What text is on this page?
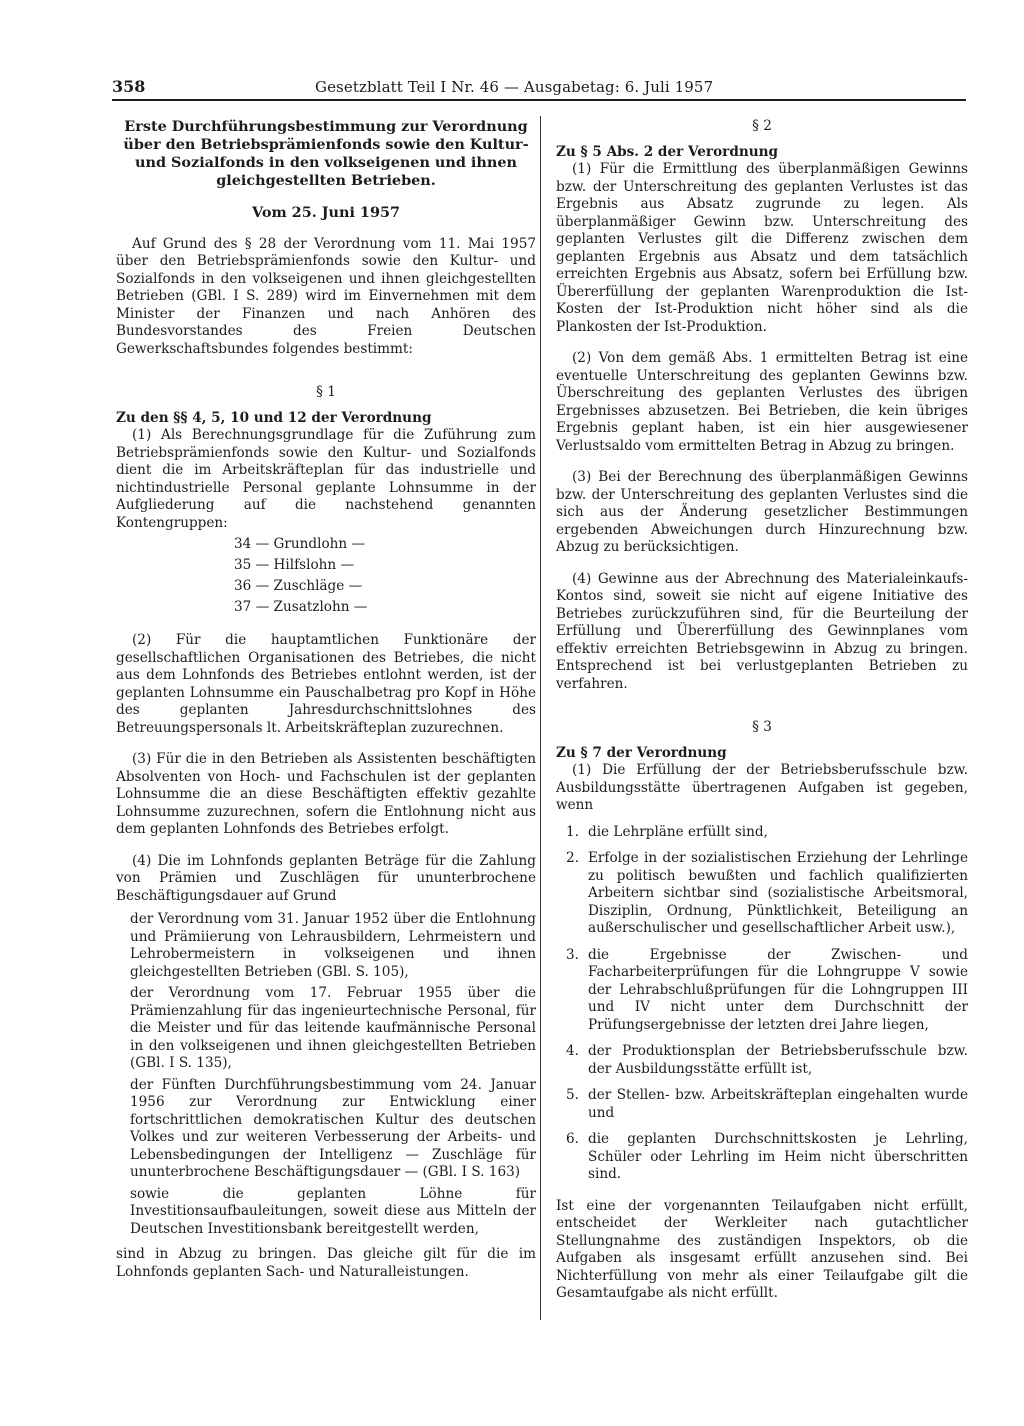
358	Gesetzblatt Teil I Nr. 46 — Ausgabetag: 6. Juli 1957
Erste Durchführungsbestimmung zur Verordnung über den Betriebsprämienfonds sowie den Kultur- und Sozialfonds in den volkseigenen und ihnen gleichgestellten Betrieben.
Vom 25. Juni 1957

Auf Grund des § 28 der Verordnung vom 11. Mai 1957 über den Betriebsprämienfonds sowie den Kultur- und Sozialfonds in den volkseigenen und ihnen gleichgestellten Betrieben (GBl. I S. 289) wird im Einvernehmen mit dem Minister der Finanzen und nach Anhören des Bundesvorstandes des Freien Deutschen Gewerkschaftsbundes folgendes bestimmt:

§ 1
Zu den §§ 4, 5, 10 und 12 der Verordnung

(1) Als Berechnungsgrundlage für die Zuführung zum Betriebsprämienfonds sowie den Kultur- und Sozialfonds dient die im Arbeitskräfteplan für das industrielle und nichtindustrielle Personal geplante Lohnsumme in der Aufgliederung auf die nachstehend genannten Kontengruppen:

34 — Grundlohn —
35 — Hilfslohn —
36 — Zuschläge —
37 — Zusatzlohn —

(2) Für die hauptamtlichen Funktionäre der gesellschaftlichen Organisationen des Betriebes, die nicht aus dem Lohnfonds des Betriebes entlohnt werden, ist der geplanten Lohnsumme ein Pauschalbetrag pro Kopf in Höhe des geplanten Jahresdurchschnittslohnes des Betreuungspersonals lt. Arbeitskräfteplan zuzurechnen.

(3) Für die in den Betrieben als Assistenten beschäftigten Absolventen von Hoch- und Fachschulen ist der geplanten Lohnsumme die an diese Beschäftigten effektiv gezahlte Lohnsumme zuzurechnen, sofern die Entlohnung nicht aus dem geplanten Lohnfonds des Betriebes erfolgt.

(4) Die im Lohnfonds geplanten Beträge für die Zahlung von Prämien und Zuschlägen für ununterbrochene Beschäftigungsdauer auf Grund

der Verordnung vom 31. Januar 1952 über die Entlohnung und Prämiierung von Lehrausbildern, Lehrmeistern und Lehrobermeistern in volkseigenen und ihnen gleichgestellten Betrieben (GBl. S. 105),

der Verordnung vom 17. Februar 1955 über die Prämienzahlung für das ingenieurtechnische Personal, für die Meister und für das leitende kaufmännische Personal in den volkseigenen und ihnen gleichgestellten Betrieben (GBl. I S. 135),

der Fünften Durchführungsbestimmung vom 24. Januar 1956 zur Verordnung zur Entwicklung einer fortschrittlichen demokratischen Kultur des deutschen Volkes und zur weiteren Verbesserung der Arbeits- und Lebensbedingungen der Intelligenz — Zuschläge für ununterbrochene Beschäftigungsdauer — (GBl. I S. 163)

sowie die geplanten Löhne für Investitionsaufbauleitungen, soweit diese aus Mitteln der Deutschen Investitionsbank bereitgestellt werden,

sind in Abzug zu bringen. Das gleiche gilt für die im Lohnfonds geplanten Sach- und Naturalleistungen.

§ 2
Zu § 5 Abs. 2 der Verordnung

(1) Für die Ermittlung des überplanmäßigen Gewinns bzw. der Unterschreitung des geplanten Verlustes ist das Ergebnis aus Absatz zugrunde zu legen. Als überplanmäßiger Gewinn bzw. Unterschreitung des geplanten Verlustes gilt die Differenz zwischen dem geplanten Ergebnis aus Absatz und dem tatsächlich erreichten Ergebnis aus Absatz, sofern bei Erfüllung bzw. Übererfüllung der geplanten Warenproduktion die Ist-Kosten der Ist-Produktion nicht höher sind als die Plankosten der Ist-Produktion.

(2) Von dem gemäß Abs. 1 ermittelten Betrag ist eine eventuelle Unterschreitung des geplanten Gewinns bzw. Überschreitung des geplanten Verlustes des übrigen Ergebnisses abzusetzen. Bei Betrieben, die kein übriges Ergebnis geplant haben, ist ein hier ausgewiesener Verlustsaldo vom ermittelten Betrag in Abzug zu bringen.

(3) Bei der Berechnung des überplanmäßigen Gewinns bzw. der Unterschreitung des geplanten Verlustes sind die sich aus der Änderung gesetzlicher Bestimmungen ergebenden Abweichungen durch Hinzurechnung bzw. Abzug zu berücksichtigen.

(4) Gewinne aus der Abrechnung des Materialeinkaufs-Kontos sind, soweit sie nicht auf eigene Initiative des Betriebes zurückzuführen sind, für die Beurteilung der Erfüllung und Übererfüllung des Gewinnplanes vom effektiv erreichten Betriebsgewinn in Abzug zu bringen. Entsprechend ist bei verlustgeplanten Betrieben zu verfahren.

§ 3
Zu § 7 der Verordnung

(1) Die Erfüllung der der Betriebsberufsschule bzw. Ausbildungsstätte übertragenen Aufgaben ist gegeben, wenn

1. die Lehrpläne erfüllt sind,
2. Erfolge in der sozialistischen Erziehung der Lehrlinge zu politisch bewußten und fachlich qualifizierten Arbeitern sichtbar sind (sozialistische Arbeitsmoral, Disziplin, Ordnung, Pünktlichkeit, Beteiligung an außerschulischer und gesellschaftlicher Arbeit usw.),
3. die Ergebnisse der Zwischen- und Facharbeiterprüfungen für die Lohngruppe V sowie der Lehrabschlußprüfungen für die Lohngruppen III und IV nicht unter dem Durchschnitt der Prüfungsergebnisse der letzten drei Jahre liegen,
4. der Produktionsplan der Betriebsberufsschule bzw. der Ausbildungsstätte erfüllt ist,
5. der Stellen- bzw. Arbeitskräfteplan eingehalten wurde und
6. die geplanten Durchschnittskosten je Lehrling, Schüler oder Lehrling im Heim nicht überschritten sind.

Ist eine der vorgenannten Teilaufgaben nicht erfüllt, entscheidet der Werkleiter nach gutachtlicher Stellungnahme des zuständigen Inspektors, ob die Aufgaben als insgesamt erfüllt anzusehen sind. Bei Nichterfüllung von mehr als einer Teilaufgabe gilt die Gesamtaufgabe als nicht erfüllt.
